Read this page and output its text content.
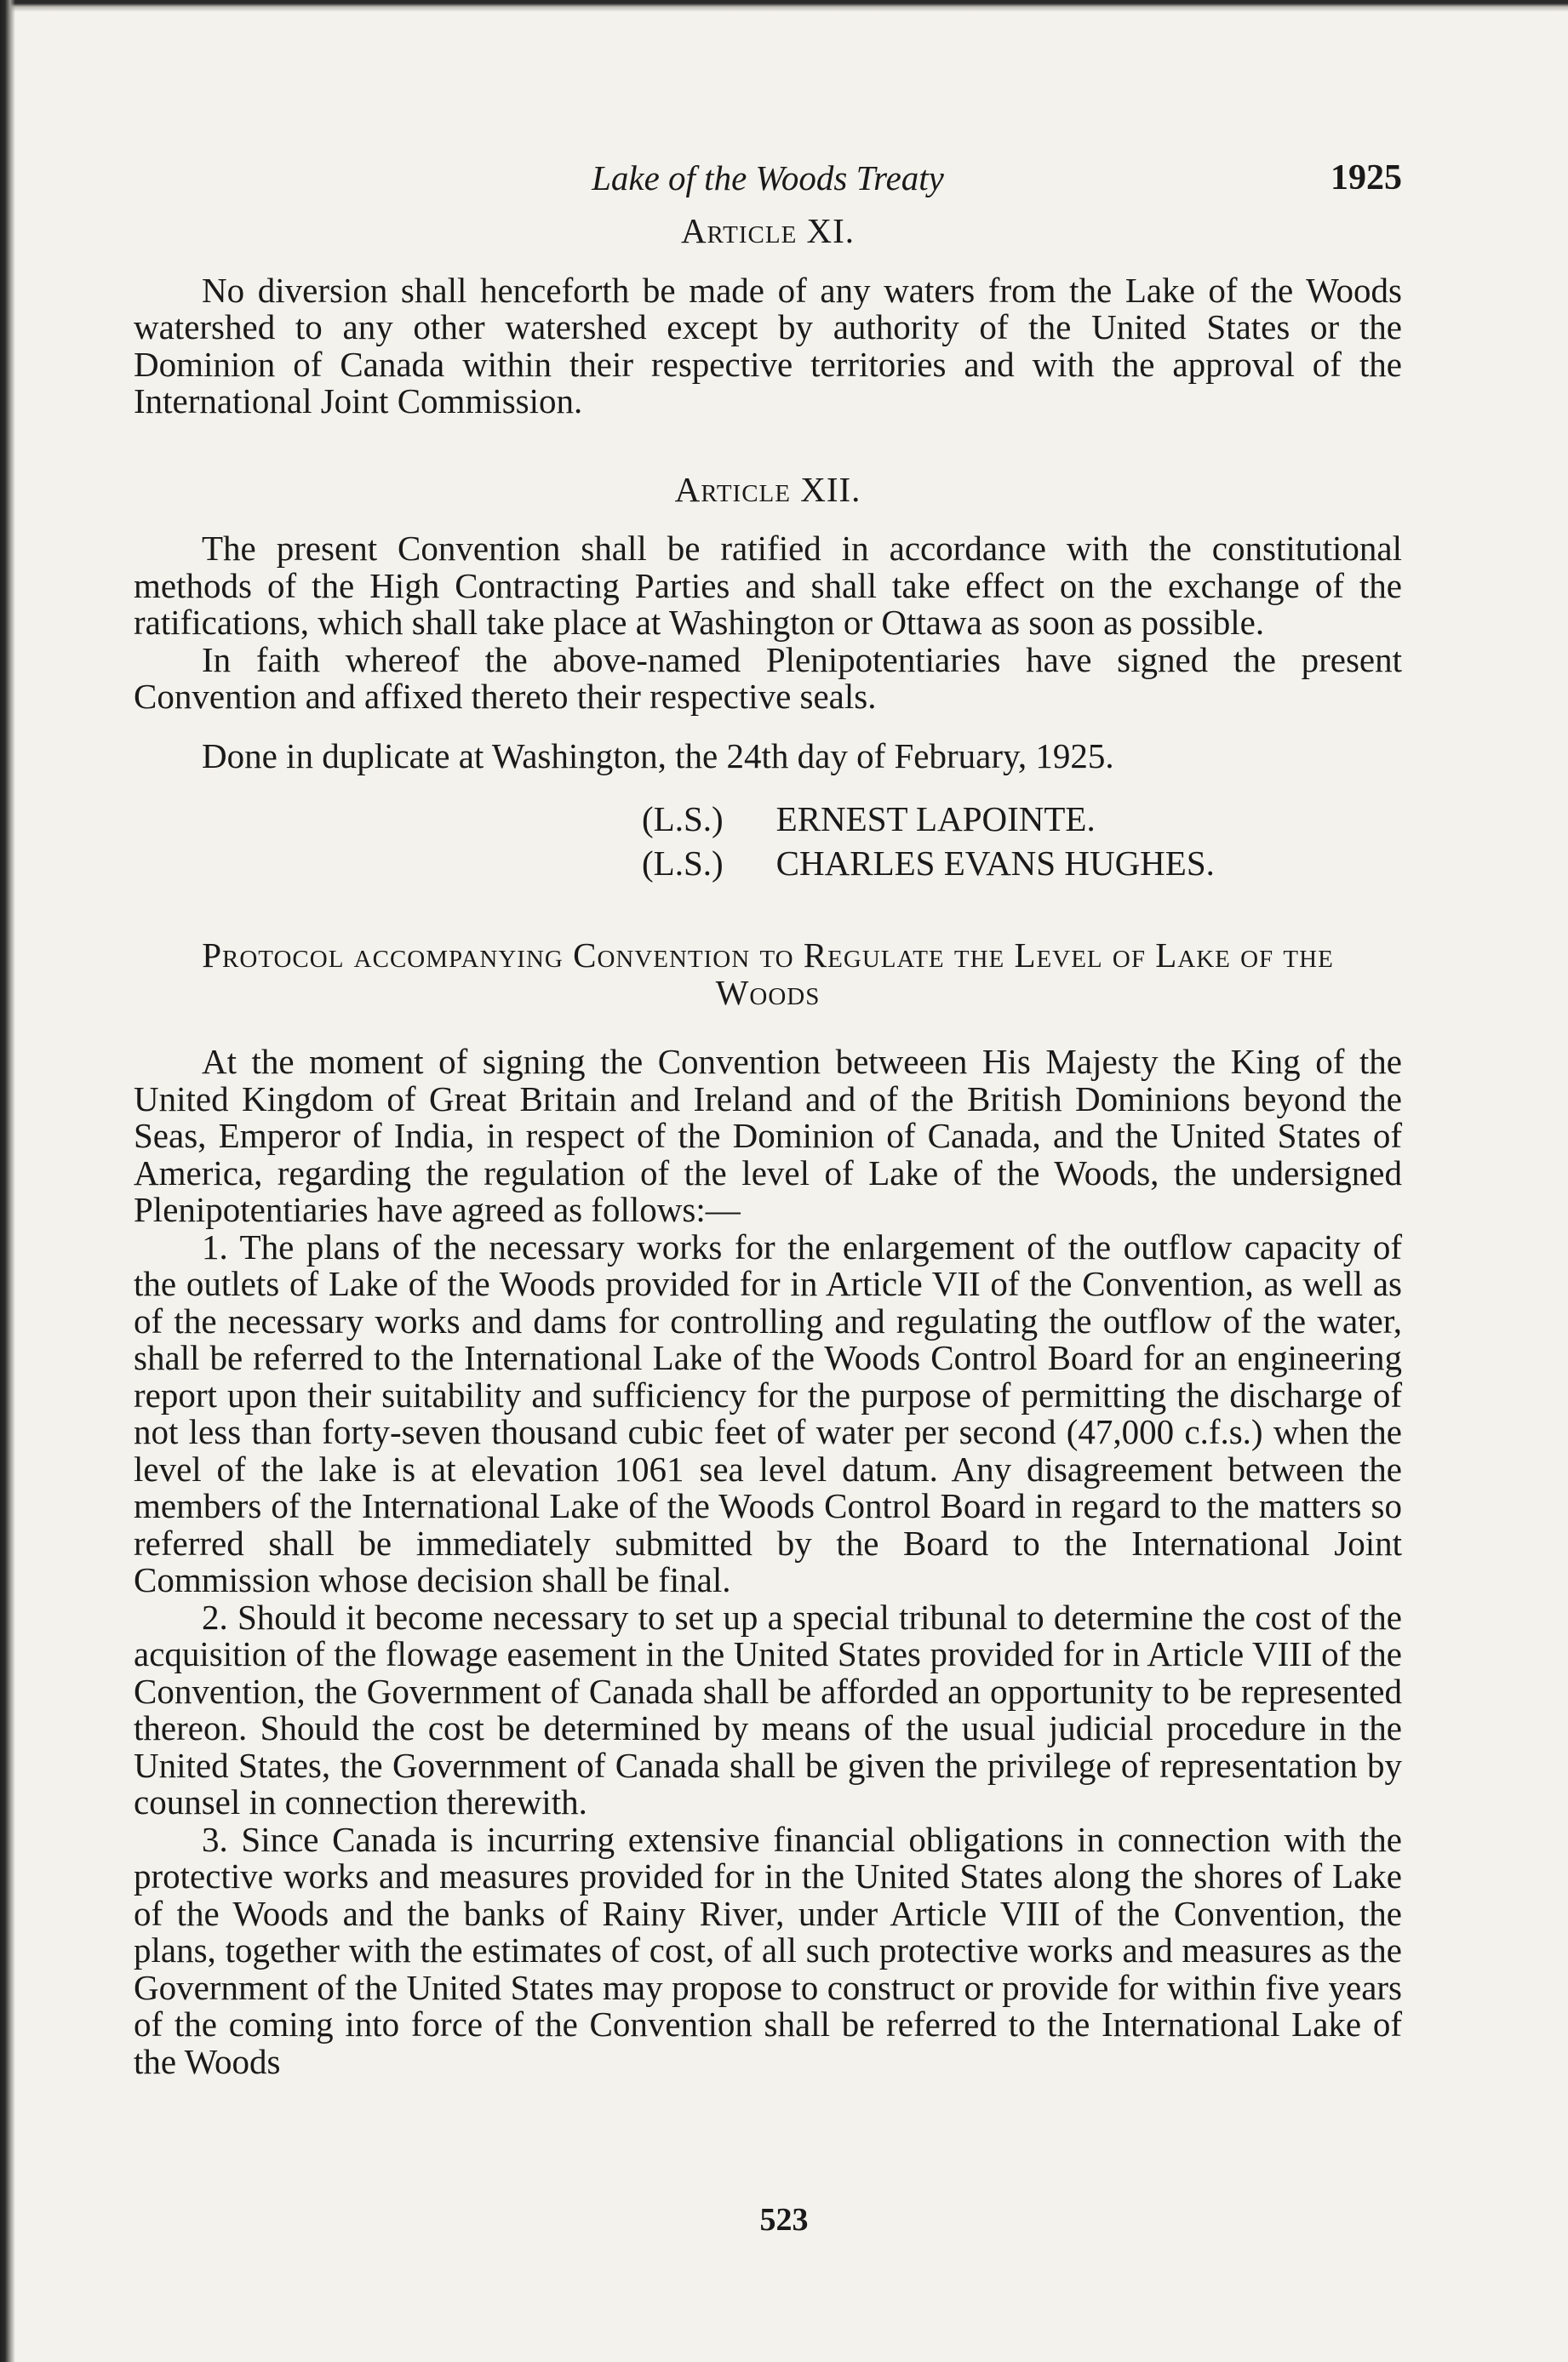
Lake of the Woods Treaty	1925
Article XI.

No diversion shall henceforth be made of any waters from the Lake of the Woods watershed to any other watershed except by authority of the United States or the Dominion of Canada within their respective territories and with the approval of the International Joint Commission.

Article XII.

The present Convention shall be ratified in accordance with the constitutional methods of the High Contracting Parties and shall take effect on the exchange of the ratifications, which shall take place at Washington or Ottawa as soon as possible.

In faith whereof the above-named Plenipotentiaries have signed the present Convention and affixed thereto their respective seals.

Done in duplicate at Washington, the 24th day of February, 1925.

(L.S.)	ERNEST LAPOINTE.
(L.S.)	CHARLES EVANS HUGHES.
Protocol accompanying Convention to Regulate the Level of Lake of the Woods

At the moment of signing the Convention betweeen His Majesty the King of the United Kingdom of Great Britain and Ireland and of the British Dominions beyond the Seas, Emperor of India, in respect of the Dominion of Canada, and the United States of America, regarding the regulation of the level of Lake of the Woods, the undersigned Plenipotentiaries have agreed as follows:—

1. The plans of the necessary works for the enlargement of the outflow capacity of the outlets of Lake of the Woods provided for in Article VII of the Convention, as well as of the necessary works and dams for controlling and regulating the outflow of the water, shall be referred to the International Lake of the Woods Control Board for an engineering report upon their suitability and sufficiency for the purpose of permitting the discharge of not less than forty-seven thousand cubic feet of water per second (47,000 c.f.s.) when the level of the lake is at elevation 1061 sea level datum. Any disagreement between the members of the International Lake of the Woods Control Board in regard to the matters so referred shall be immediately submitted by the Board to the International Joint Commission whose decision shall be final.

2. Should it become necessary to set up a special tribunal to determine the cost of the acquisition of the flowage easement in the United States provided for in Article VIII of the Convention, the Government of Canada shall be afforded an opportunity to be represented thereon. Should the cost be determined by means of the usual judicial procedure in the United States, the Government of Canada shall be given the privilege of representation by counsel in connection therewith.

3. Since Canada is incurring extensive financial obligations in connection with the protective works and measures provided for in the United States along the shores of Lake of the Woods and the banks of Rainy River, under Article VIII of the Convention, the plans, together with the estimates of cost, of all such protective works and measures as the Government of the United States may propose to construct or provide for within five years of the coming into force of the Convention shall be referred to the International Lake of the Woods

523
